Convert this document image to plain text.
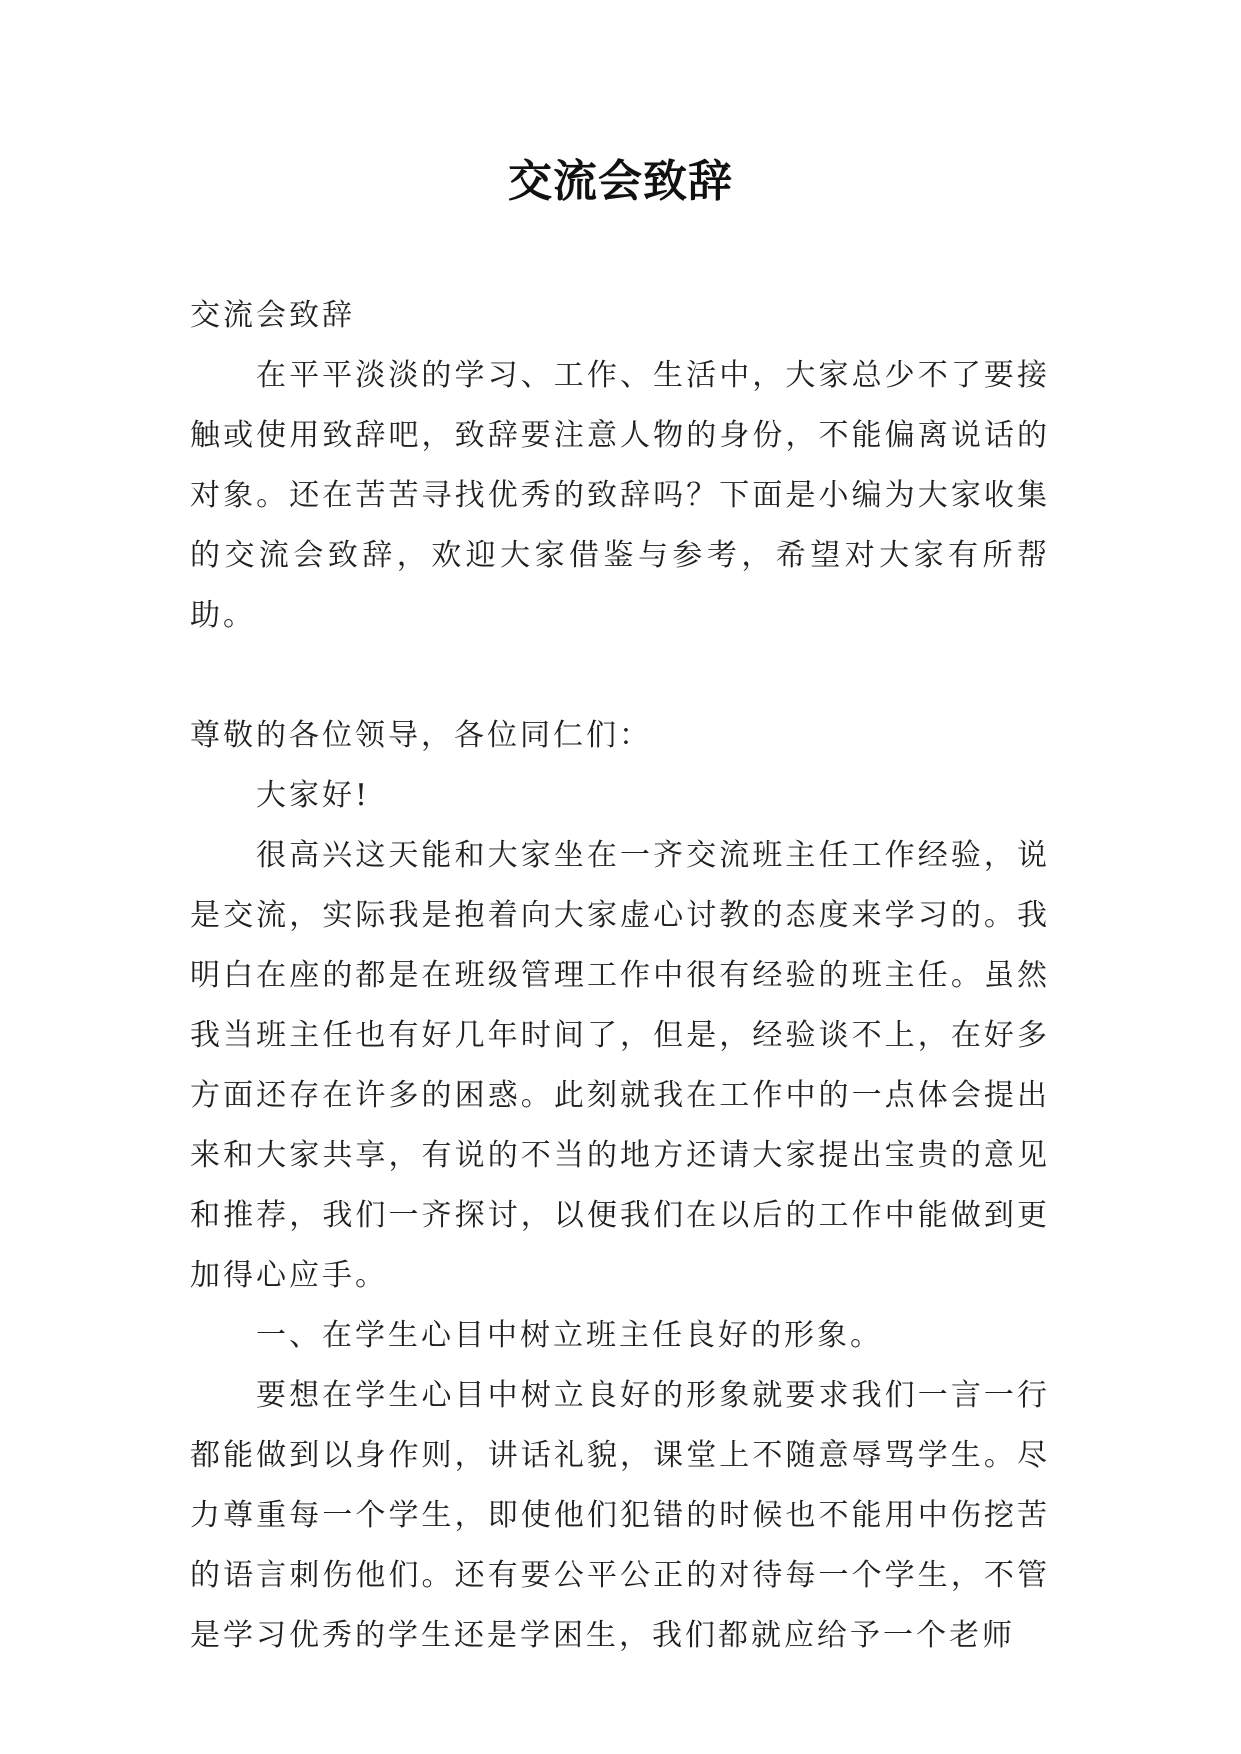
交流会致辞

交流会致辞

在平平淡淡的学习、工作、生活中，大家总少不了要接触或使用致辞吧，致辞要注意人物的身份，不能偏离说话的对象。还在苦苦寻找优秀的致辞吗？下面是小编为大家收集的交流会致辞，欢迎大家借鉴与参考，希望对大家有所帮助。

尊敬的各位领导，各位同仁们：

大家好!

很高兴这天能和大家坐在一齐交流班主任工作经验，说是交流，实际我是抱着向大家虚心讨教的态度来学习的。我明白在座的都是在班级管理工作中很有经验的班主任。虽然我当班主任也有好几年时间了，但是，经验谈不上，在好多方面还存在许多的困惑。此刻就我在工作中的一点体会提出来和大家共享，有说的不当的地方还请大家提出宝贵的意见和推荐，我们一齐探讨，以便我们在以后的工作中能做到更加得心应手。

一、在学生心目中树立班主任良好的形象。

要想在学生心目中树立良好的形象就要求我们一言一行都能做到以身作则，讲话礼貌，课堂上不随意辱骂学生。尽力尊重每一个学生，即使他们犯错的时候也不能用中伤挖苦的语言刺伤他们。还有要公平公正的对待每一个学生，不管是学习优秀的学生还是学困生，我们都就应给予一个老师
